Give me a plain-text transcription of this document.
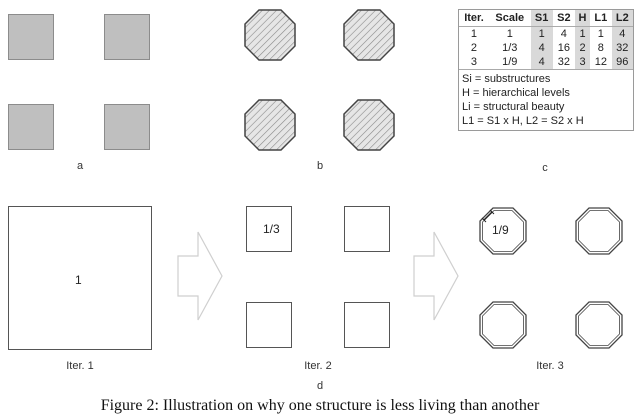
a	b
Iter.	Scale	S1	S2	H	L1	L2
1	1	1	4	1	1	4
2	1/3	4	16	2	8	32
3	1/9	4	32	3	12	96
Si = substructures
H = hierarchical levels
Li = structural beauty
L1 = S1 x H, L2 = S2 x H
c
1
Iter. 1
1/3
Iter. 2
1/9
Iter. 3
d
Figure 2: Illustration on why one structure is less living than another
